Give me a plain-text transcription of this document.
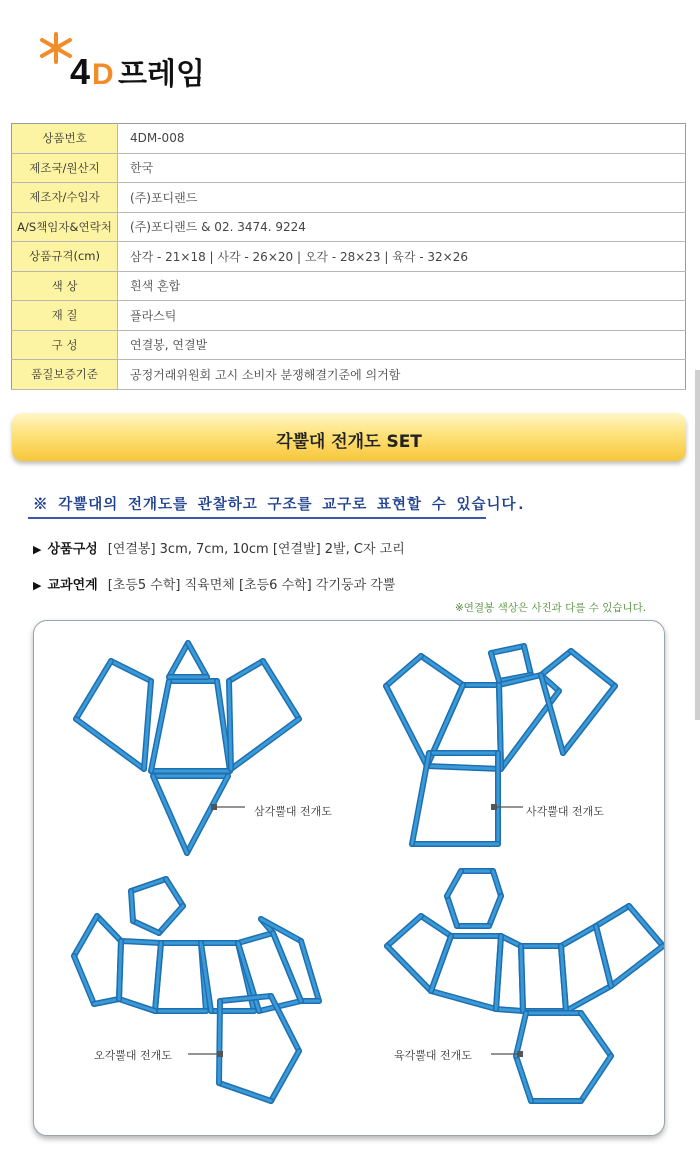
4 D 프레임
상품번호	4DM-008
제조국/원산지	한국
제조자/수입자	(주)포디랜드
A/S책임자&연락처	(주)포디랜드 & 02. 3474. 9224
상품규격(cm)	삼각 - 21×18 | 사각 - 26×20 | 오각 - 28×23 | 육각 - 32×26
색 상	흰색 혼합
재 질	플라스틱
구 성	연결봉, 연결발
품질보증기준	공정거래위원회 고시 소비자 분쟁해결기준에 의거함
각뿔대 전개도 SET
※ 각뿔대의 전개도를 관찰하고 구조를 교구로 표현할 수 있습니다.
▶ 상품구성 [연결봉] 3cm, 7cm, 10cm [연결발] 2발, C자 고리
▶ 교과연계 [초등5 수학] 직육면체 [초등6 수학] 각기둥과 각뿔
※연결봉 색상은 사진과 다를 수 있습니다.
삼각뿔대 전개도	사각뿔대 전개도
오각뿔대 전개도	육각뿔대 전개도
